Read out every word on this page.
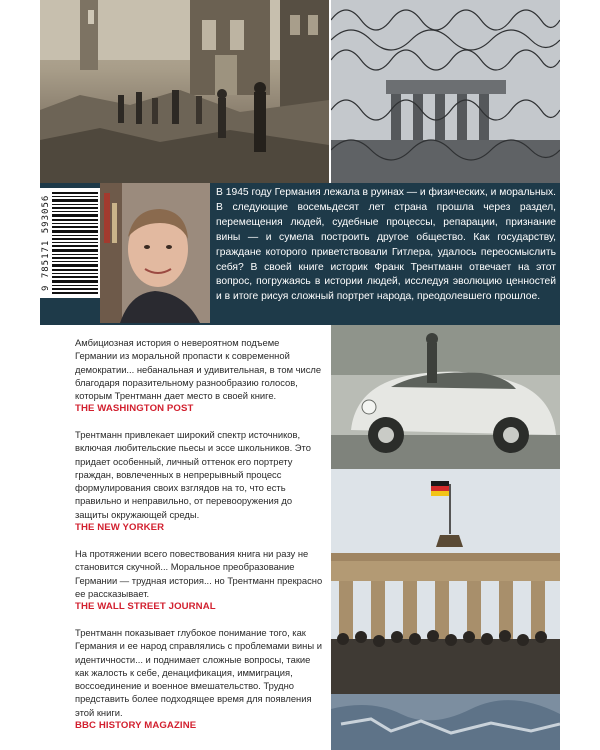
9 785171 593056
В 1945 году Германия лежала в руинах — и физических, и моральных. В следующие восемьдесят лет страна прошла через раздел, перемещения людей, судебные процессы, репарации, признание вины — и сумела построить другое общество. Как государству, граждане которого приветствовали Гитлера, удалось переосмыслить себя? В своей книге историк Франк Трентманн отвечает на этот вопрос, погружаясь в истории людей, исследуя эволюцию ценностей и в итоге рисуя сложный портрет народа, преодолевшего прошлое.
Амбициозная история о невероятном подъеме Германии из моральной пропасти к современной демократии... небанальная и удивительная, в том числе благодаря поразительному разнообразию голосов, которым Трентманн дает место в своей книге.
THE WASHINGTON POST
Трентманн привлекает широкий спектр источников, включая любительские пьесы и эссе школьников. Это придает особенный, личный оттенок его портрету граждан, вовлеченных в непрерывный процесс формулирования своих взглядов на то, что есть правильно и неправильно, от перевооружения до защиты окружающей среды.
THE NEW YORKER
На протяжении всего повествования книга ни разу не становится скучной... Моральное преобразование Германии — трудная история... но Трентманн прекрасно ее рассказывает.
THE WALL STREET JOURNAL
Трентманн показывает глубокое понимание того, как Германия и ее народ справлялись с проблемами вины и идентичности... и поднимает сложные вопросы, такие как жалость к себе, денацификация, иммиграция, воссоединение и военное вмешательство. Трудно представить более подходящее время для появления этой книги.
BBC HISTORY MAGAZINE
